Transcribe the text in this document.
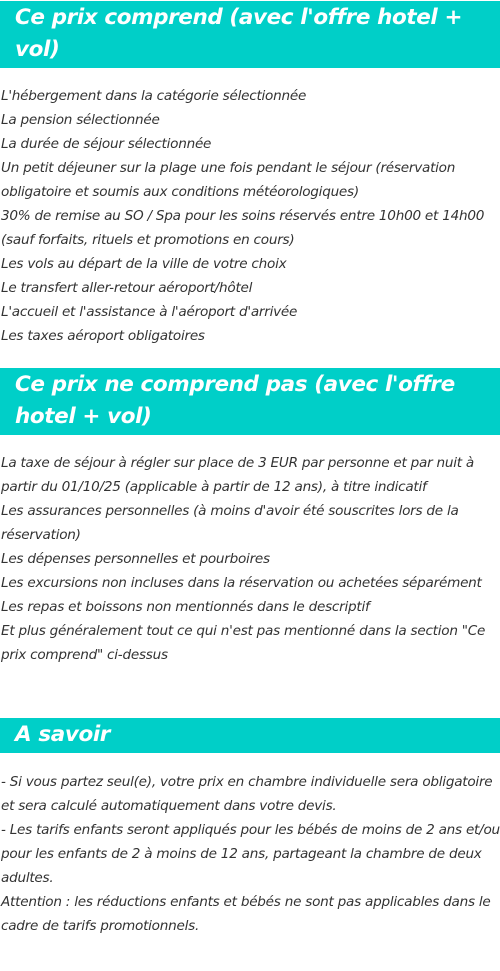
Ce prix comprend (avec l'offre hotel + vol)
L'hébergement dans la catégorie sélectionnée
La pension sélectionnée
La durée de séjour sélectionnée
Un petit déjeuner sur la plage une fois pendant le séjour (réservation obligatoire et soumis aux conditions météorologiques)
30% de remise au SO / Spa pour les soins réservés entre 10h00 et 14h00 (sauf forfaits, rituels et promotions en cours)
Les vols au départ de la ville de votre choix
Le transfert aller-retour aéroport/hôtel
L'accueil et l'assistance à l'aéroport d'arrivée
Les taxes aéroport obligatoires
Ce prix ne comprend pas (avec l'offre hotel + vol)
La taxe de séjour à régler sur place de 3 EUR par personne et par nuit à partir du 01/10/25 (applicable à partir de 12 ans), à titre indicatif
Les assurances personnelles (à moins d'avoir été souscrites lors de la réservation)
Les dépenses personnelles et pourboires
Les excursions non incluses dans la réservation ou achetées séparément
Les repas et boissons non mentionnés dans le descriptif
Et plus généralement tout ce qui n'est pas mentionné dans la section "Ce prix comprend" ci-dessus
A savoir
- Si vous partez seul(e), votre prix en chambre individuelle sera obligatoire et sera calculé automatiquement dans votre devis.
- Les tarifs enfants seront appliqués pour les bébés de moins de 2 ans et/ou pour les enfants de 2 à moins de 12 ans, partageant la chambre de deux adultes.
Attention : les réductions enfants et bébés ne sont pas applicables dans le cadre de tarifs promotionnels.
